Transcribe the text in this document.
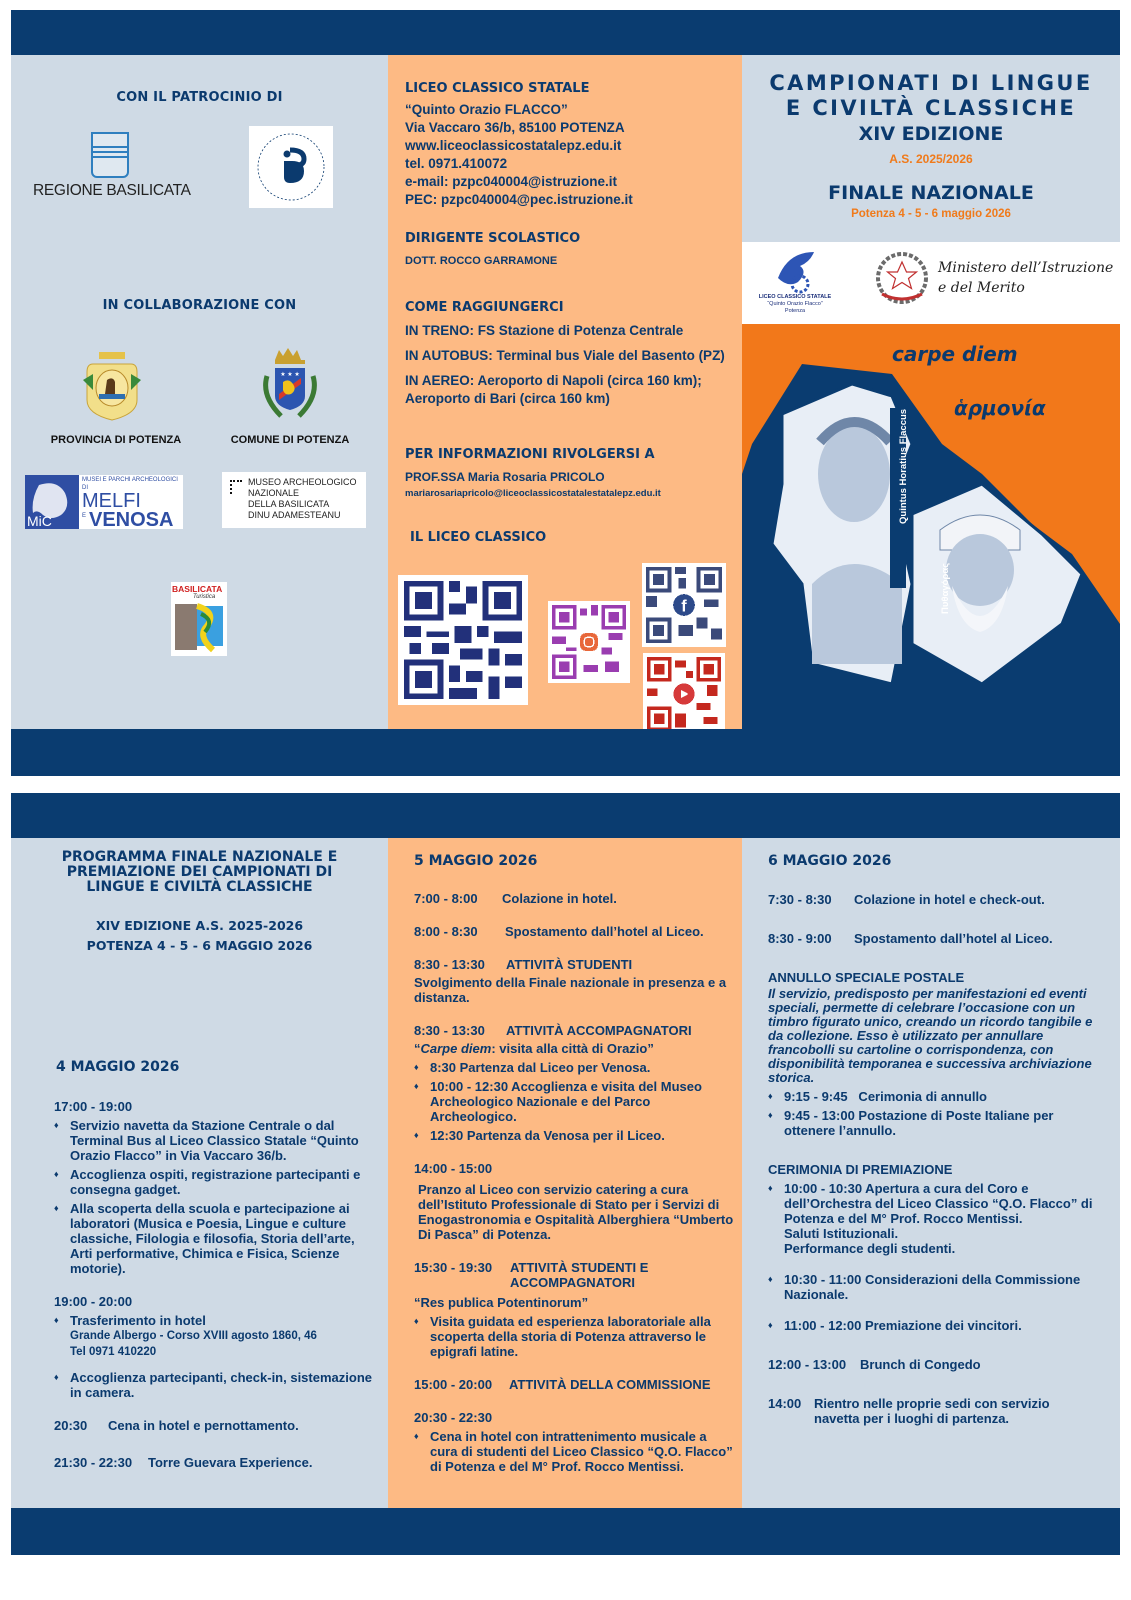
CON IL PATROCINIO DI
REGIONE BASILICATA
IN COLLABORAZIONE CON
PROVINCIA DI POTENZA
★ ★ ★
COMUNE DI POTENZA
MiC
MUSEI E PARCHI ARCHEOLOGICI
DI
MELFI
E VENOSA
MUSEO ARCHEOLOGICO
NAZIONALE
DELLA BASILICATA
DINU ADAMESTEANU
BASILICATA
Turistica
LICEO CLASSICO STATALE
“Quinto Orazio FLACCO”
Via Vaccaro 36/b, 85100 POTENZA
www.liceoclassicostatalepz.edu.it
tel. 0971.410072
e-mail: pzpc040004@istruzione.it
PEC: pzpc040004@pec.istruzione.it
DIRIGENTE SCOLASTICO
DOTT. ROCCO GARRAMONE
COME RAGGIUNGERCI
IN TRENO: FS Stazione di Potenza Centrale
IN AUTOBUS: Terminal bus Viale del Basento (PZ)
IN AEREO: Aeroporto di Napoli (circa 160 km);
Aeroporto di Bari (circa 160 km)
PER INFORMAZIONI RIVOLGERSI A
PROF.SSA Maria Rosaria PRICOLO
mariarosariapricolo@liceoclassicostatalestatalepz.edu.it
IL LICEO CLASSICO
f
CAMPIONATI DI LINGUE
E CIVILTÀ CLASSICHE
XIV EDIZIONE
A.S. 2025/2026
FINALE NAZIONALE
Potenza 4 - 5 - 6 maggio 2026
LICEO CLASSICO STATALE
“Quinto Orazio Flacco”
Potenza
Ministero dell’Istruzione
e del Merito
carpe diem
ἁρμονία
Quintus Horatius Flaccus
Πυθαγόρας
PROGRAMMA FINALE NAZIONALE E
PREMIAZIONE DEI CAMPIONATI DI
LINGUE E CIVILTÀ CLASSICHE
XIV EDIZIONE A.S. 2025-2026
POTENZA 4 - 5 - 6 MAGGIO 2026
4 MAGGIO 2026
17:00 - 19:00
♦ Servizio navetta da Stazione Centrale o dal Terminal Bus al Liceo Classico Statale “Quinto Orazio Flacco” in Via Vaccaro 36/b.
♦ Accoglienza ospiti, registrazione partecipanti e consegna gadget.
♦ Alla scoperta della scuola e partecipazione ai laboratori (Musica e Poesia, Lingue e culture classiche, Filologia e filosofia, Storia dell’arte, Arti performative, Chimica e Fisica, Scienze motorie).
19:00 - 20:00
♦ Trasferimento in hotel
Grande Albergo - Corso XVIII agosto 1860, 46
Tel 0971 410220
♦ Accoglienza partecipanti, check-in, sistemazione in camera.
20:30 Cena in hotel e pernottamento.
21:30 - 22:30 Torre Guevara Experience.
5 MAGGIO 2026
7:00 - 8:00 Colazione in hotel.
8:00 - 8:30 Spostamento dall’hotel al Liceo.
8:30 - 13:30 ATTIVITÀ STUDENTI
Svolgimento della Finale nazionale in presenza e a distanza.
8:30 - 13:30 ATTIVITÀ ACCOMPAGNATORI
“Carpe diem: visita alla città di Orazio”
♦ 8:30 Partenza dal Liceo per Venosa.
♦ 10:00 - 12:30 Accoglienza e visita del Museo Archeologico Nazionale e del Parco Archeologico.
♦ 12:30 Partenza da Venosa per il Liceo.
14:00 - 15:00
Pranzo al Liceo con servizio catering a cura dell’Istituto Professionale di Stato per i Servizi di Enogastronomia e Ospitalità Alberghiera “Umberto Di Pasca” di Potenza.
15:30 - 19:30	ATTIVITÀ STUDENTI E
ACCOMPAGNATORI
“Res publica Potentinorum”
♦ Visita guidata ed esperienza laboratoriale alla scoperta della storia di Potenza attraverso le epigrafi latine.
15:00 - 20:00 ATTIVITÀ DELLA COMMISSIONE
20:30 - 22:30
♦ Cena in hotel con intrattenimento musicale a cura di studenti del Liceo Classico “Q.O. Flacco” di Potenza e del M° Prof. Rocco Mentissi.
6 MAGGIO 2026
7:30 - 8:30 Colazione in hotel e check-out.
8:30 - 9:00 Spostamento dall’hotel al Liceo.
ANNULLO SPECIALE POSTALE
Il servizio, predisposto per manifestazioni ed eventi speciali, permette di celebrare l’occasione con un timbro figurato unico, creando un ricordo tangibile e da collezione. Esso è utilizzato per annullare francobolli su cartoline o corrispondenza, con disponibilità temporanea e successiva archiviazione storica.
♦ 9:15 - 9:45   Cerimonia di annullo
♦ 9:45 - 13:00 Postazione di Poste Italiane per ottenere l’annullo.
CERIMONIA DI PREMIAZIONE
♦ 10:00 - 10:30 Apertura a cura del Coro e dell’Orchestra del Liceo Classico “Q.O. Flacco” di Potenza e del M° Prof. Rocco Mentissi.
Saluti Istituzionali.
Performance degli studenti.
♦ 10:30 - 11:00 Considerazioni della Commissione Nazionale.
♦ 11:00 - 12:00 Premiazione dei vincitori.
12:00 - 13:00 Brunch di Congedo
14:00 Rientro nelle proprie sedi con servizio navetta per i luoghi di partenza.
